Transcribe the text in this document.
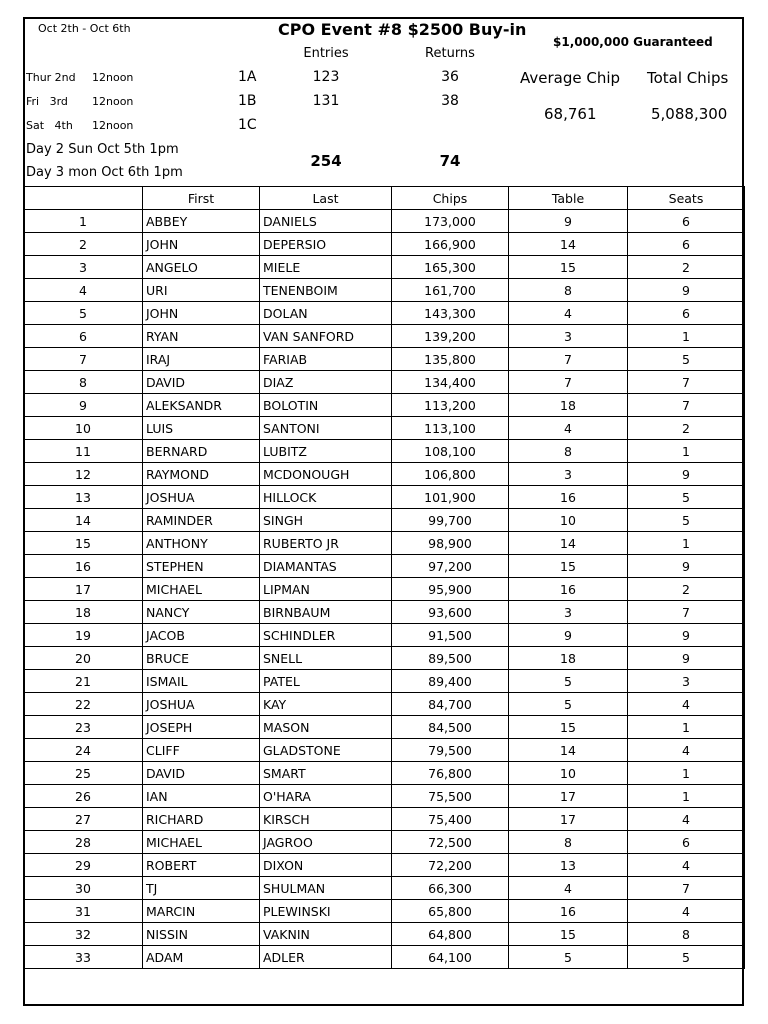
Oct 2th - Oct 6th	CPO Event #8 $2500 Buy-in
$1,000,000 Guaranteed
Entries	Returns
Average Chip Total Chips
68,761	5,088,300
Thur 2nd 12noon	1A	123	36
Fri   3rd 12noon	1B	131	38
Sat   4th 12noon	1C
Day 2 Sun Oct 5th 1pm
Day 3 mon Oct 6th 1pm
254	74
	First	Last	Chips	Table	Seats
1	ABBEY	DANIELS	173,000	9	6
2	JOHN	DEPERSIO	166,900	14	6
3	ANGELO	MIELE	165,300	15	2
4	URI	TENENBOIM	161,700	8	9
5	JOHN	DOLAN	143,300	4	6
6	RYAN	VAN SANFORD	139,200	3	1
7	IRAJ	FARIAB	135,800	7	5
8	DAVID	DIAZ	134,400	7	7
9	ALEKSANDR	BOLOTIN	113,200	18	7
10	LUIS	SANTONI	113,100	4	2
11	BERNARD	LUBITZ	108,100	8	1
12	RAYMOND	MCDONOUGH	106,800	3	9
13	JOSHUA	HILLOCK	101,900	16	5
14	RAMINDER	SINGH	99,700	10	5
15	ANTHONY	RUBERTO JR	98,900	14	1
16	STEPHEN	DIAMANTAS	97,200	15	9
17	MICHAEL	LIPMAN	95,900	16	2
18	NANCY	BIRNBAUM	93,600	3	7
19	JACOB	SCHINDLER	91,500	9	9
20	BRUCE	SNELL	89,500	18	9
21	ISMAIL	PATEL	89,400	5	3
22	JOSHUA	KAY	84,700	5	4
23	JOSEPH	MASON	84,500	15	1
24	CLIFF	GLADSTONE	79,500	14	4
25	DAVID	SMART	76,800	10	1
26	IAN	O'HARA	75,500	17	1
27	RICHARD	KIRSCH	75,400	17	4
28	MICHAEL	JAGROO	72,500	8	6
29	ROBERT	DIXON	72,200	13	4
30	TJ	SHULMAN	66,300	4	7
31	MARCIN	PLEWINSKI	65,800	16	4
32	NISSIN	VAKNIN	64,800	15	8
33	ADAM	ADLER	64,100	5	5
